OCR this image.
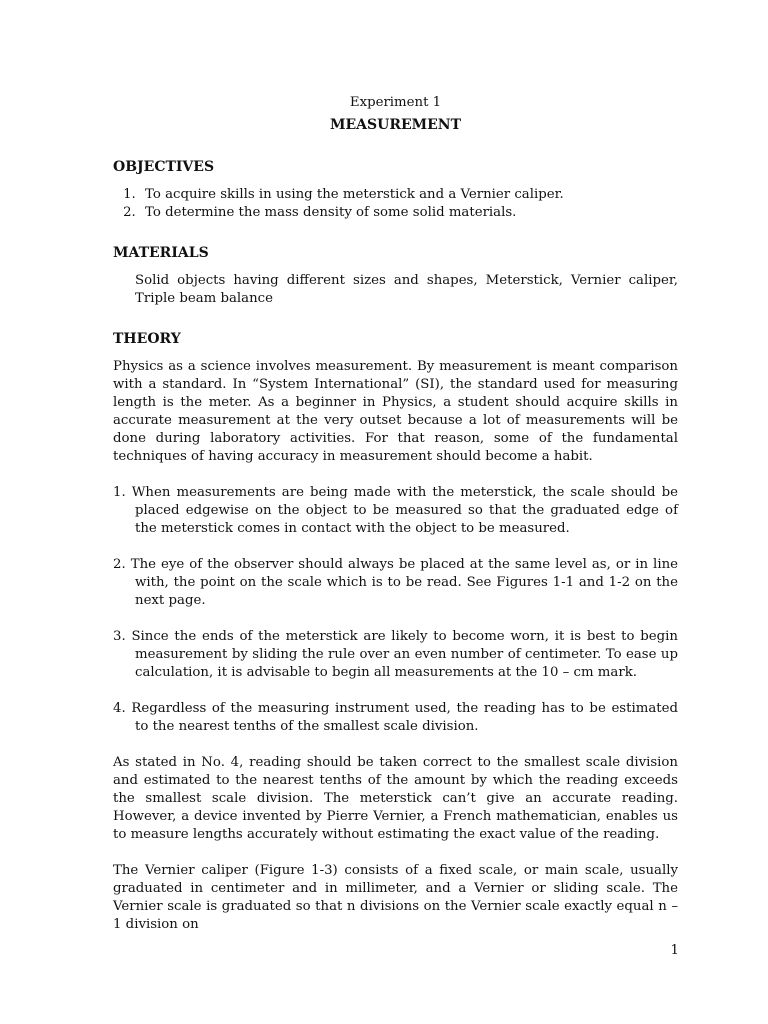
Experiment 1

MEASUREMENT

OBJECTIVES
1. To acquire skills in using the meterstick and a Vernier caliper.
2. To determine the mass density of some solid materials.
MATERIALS

Solid objects having different sizes and shapes, Meterstick, Vernier caliper, Triple beam balance

THEORY

Physics as a science involves measurement. By measurement is meant comparison with a standard. In “System International” (SI), the standard used for measuring length is the meter. As a beginner in Physics, a student should acquire skills in accurate measurement at the very outset because a lot of measurements will be done during laboratory activities. For that reason, some of the fundamental techniques of having accuracy in measurement should become a habit.

1. When measurements are being made with the meterstick, the scale should be placed edgewise on the object to be measured so that the graduated edge of the meterstick comes in contact with the object to be measured.

2. The eye of the observer should always be placed at the same level as, or in line with, the point on the scale which is to be read. See Figures 1-1 and 1-2 on the next page.

3. Since the ends of the meterstick are likely to become worn, it is best to begin measurement by sliding the rule over an even number of centimeter. To ease up calculation, it is advisable to begin all measurements at the 10 – cm mark.

4. Regardless of the measuring instrument used, the reading has to be estimated to the nearest tenths of the smallest scale division.

As stated in No. 4, reading should be taken correct to the smallest scale division and estimated to the nearest tenths of the amount by which the reading exceeds the smallest scale division. The meterstick can’t give an accurate reading. However, a device invented by Pierre Vernier, a French mathematician, enables us to measure lengths accurately without estimating the exact value of the reading.

The Vernier caliper (Figure 1-3) consists of a fixed scale, or main scale, usually graduated in centimeter and in millimeter, and a Vernier or sliding scale. The Vernier scale is graduated so that n divisions on the Vernier scale exactly equal n – 1 division on

1
